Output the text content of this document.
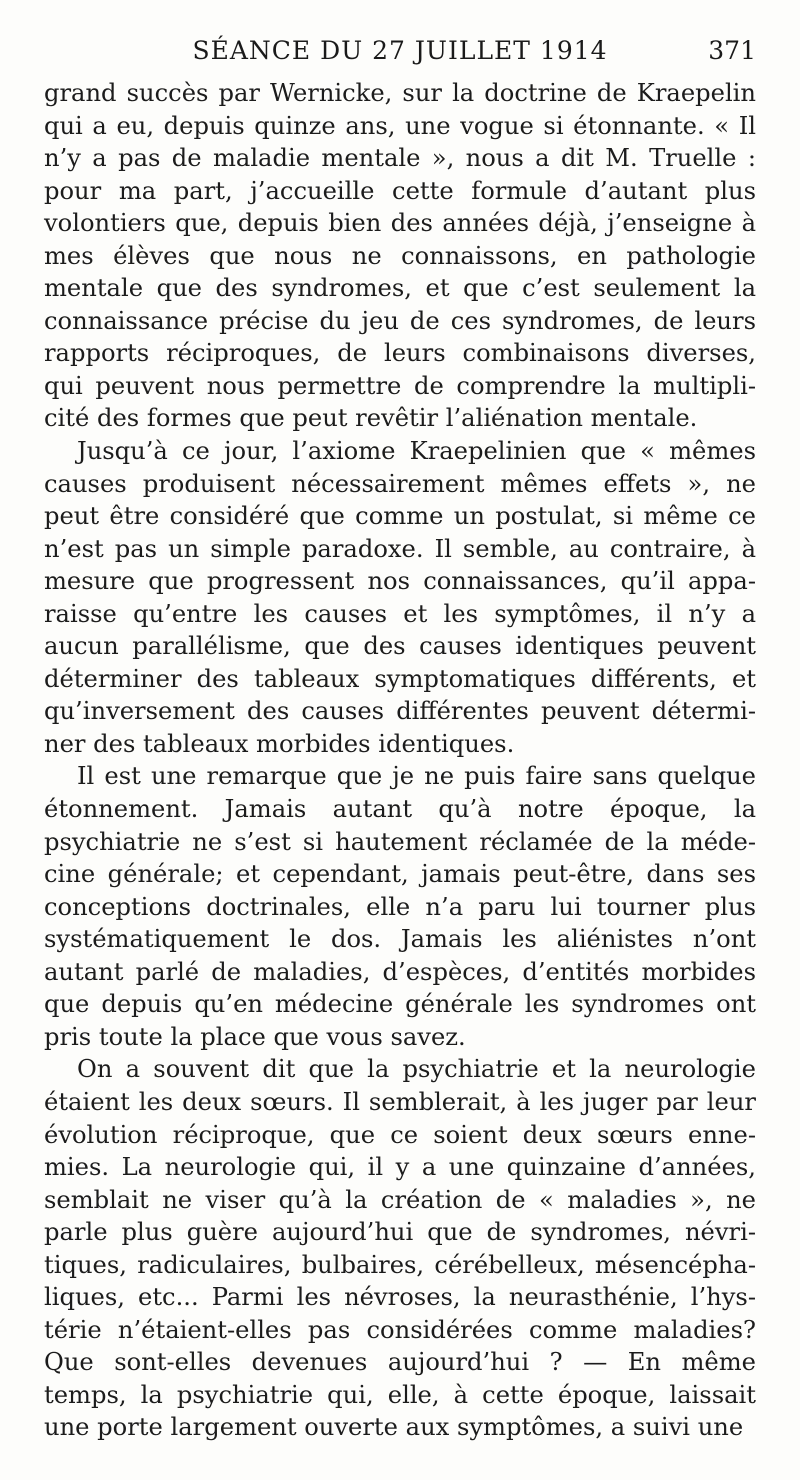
SÉANCE DU 27 JUILLET 1914	371

grand succès par Wernicke, sur la doctrine de Kraepelin qui a eu, depuis quinze ans, une vogue si étonnante. « Il n’y a pas de maladie mentale », nous a dit M. Truelle : pour ma part, j’accueille cette formule d’autant plus volontiers que, depuis bien des années déjà, j’enseigne à mes élèves que nous ne connaissons, en pathologie mentale que des syndromes, et que c’est seulement la connaissance précise du jeu de ces syndromes, de leurs rapports réciproques, de leurs combinaisons diverses, qui peuvent nous permettre de comprendre la multiplicité des formes que peut revêtir l’aliénation mentale.

Jusqu’à ce jour, l’axiome Kraepelinien que « mêmes causes produisent nécessairement mêmes effets », ne peut être considéré que comme un postulat, si même ce n’est pas un simple paradoxe. Il semble, au contraire, à mesure que progressent nos connaissances, qu’il apparaisse qu’entre les causes et les symptômes, il n’y a aucun parallélisme, que des causes identiques peuvent déterminer des tableaux symptomatiques différents, et qu’inversement des causes différentes peuvent déterminer des tableaux morbides identiques.

Il est une remarque que je ne puis faire sans quelque étonnement. Jamais autant qu’à notre époque, la psychiatrie ne s’est si hautement réclamée de la médecine générale; et cependant, jamais peut-être, dans ses conceptions doctrinales, elle n’a paru lui tourner plus systématiquement le dos. Jamais les aliénistes n’ont autant parlé de maladies, d’espèces, d’entités morbides que depuis qu’en médecine générale les syndromes ont pris toute la place que vous savez.

On a souvent dit que la psychiatrie et la neurologie étaient les deux sœurs. Il semblerait, à les juger par leur évolution réciproque, que ce soient deux sœurs ennemies. La neurologie qui, il y a une quinzaine d’années, semblait ne viser qu’à la création de « maladies », ne parle plus guère aujourd’hui que de syndromes, névritiques, radiculaires, bulbaires, cérébelleux, mésencéphaliques, etc... Parmi les névroses, la neurasthénie, l’hystérie n’étaient-elles pas considérées comme maladies? Que sont-elles devenues aujourd’hui ? — En même temps, la psychiatrie qui, elle, à cette époque, laissait une porte largement ouverte aux symptômes, a suivi une
